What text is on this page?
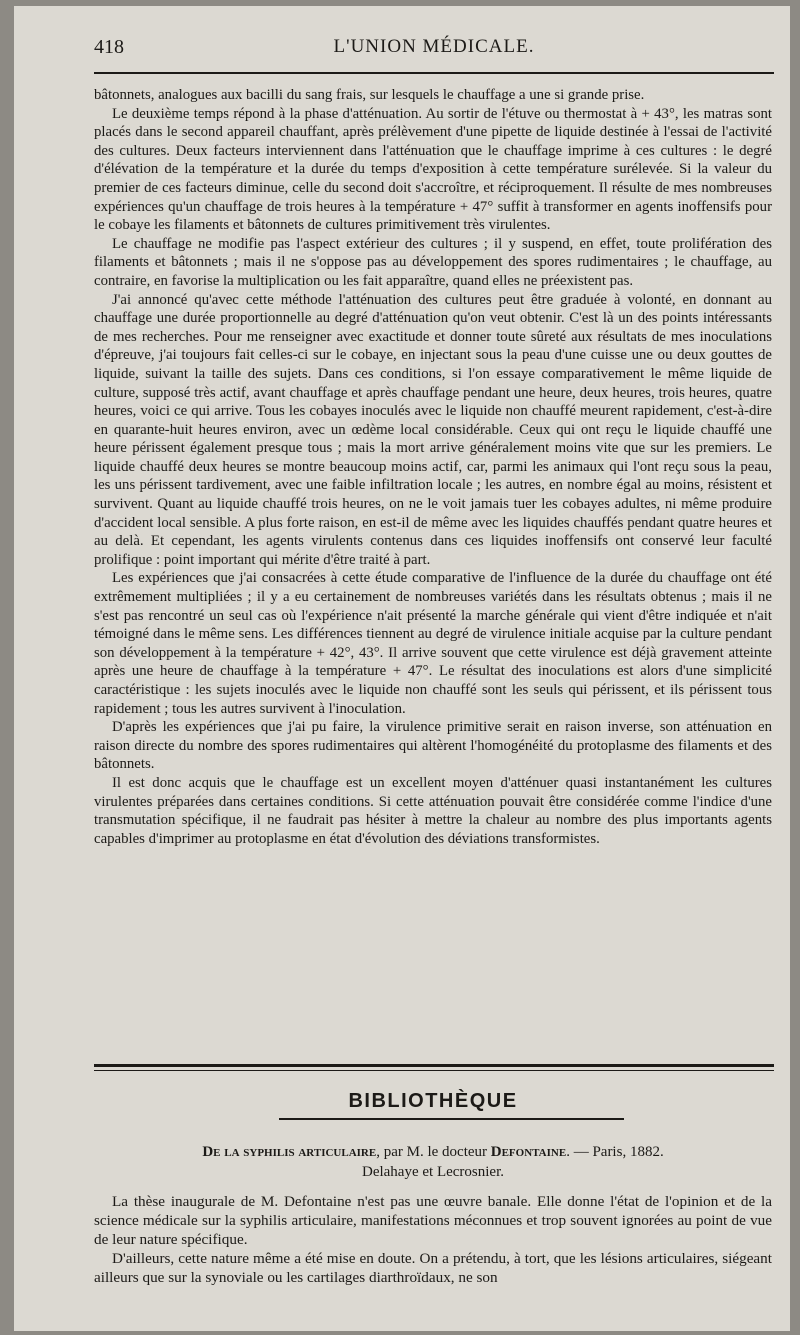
418	L'UNION MÉDICALE.

bâtonnets, analogues aux bacilli du sang frais, sur lesquels le chauffage a une si grande prise.

Le deuxième temps répond à la phase d'atténuation. Au sortir de l'étuve ou thermostat à + 43°, les matras sont placés dans le second appareil chauffant, après prélèvement d'une pipette de liquide destinée à l'essai de l'activité des cultures. Deux facteurs interviennent dans l'atténuation que le chauffage imprime à ces cultures : le degré d'élévation de la température et la durée du temps d'exposition à cette température surélevée. Si la valeur du premier de ces facteurs diminue, celle du second doit s'accroître, et réciproquement. Il résulte de mes nombreuses expériences qu'un chauffage de trois heures à la température + 47° suffit à transformer en agents inoffensifs pour le cobaye les filaments et bâtonnets de cultures primitivement très virulentes.

Le chauffage ne modifie pas l'aspect extérieur des cultures ; il y suspend, en effet, toute prolifération des filaments et bâtonnets ; mais il ne s'oppose pas au développement des spores rudimentaires ; le chauffage, au contraire, en favorise la multiplication ou les fait apparaître, quand elles ne préexistent pas.

J'ai annoncé qu'avec cette méthode l'atténuation des cultures peut être graduée à volonté, en donnant au chauffage une durée proportionnelle au degré d'atténuation qu'on veut obtenir. C'est là un des points intéressants de mes recherches. Pour me renseigner avec exactitude et donner toute sûreté aux résultats de mes inoculations d'épreuve, j'ai toujours fait celles-ci sur le cobaye, en injectant sous la peau d'une cuisse une ou deux gouttes de liquide, suivant la taille des sujets. Dans ces conditions, si l'on essaye comparativement le même liquide de culture, supposé très actif, avant chauffage et après chauffage pendant une heure, deux heures, trois heures, quatre heures, voici ce qui arrive. Tous les cobayes inoculés avec le liquide non chauffé meurent rapidement, c'est-à-dire en quarante-huit heures environ, avec un œdème local considérable. Ceux qui ont reçu le liquide chauffé une heure périssent également presque tous ; mais la mort arrive généralement moins vite que sur les premiers. Le liquide chauffé deux heures se montre beaucoup moins actif, car, parmi les animaux qui l'ont reçu sous la peau, les uns périssent tardivement, avec une faible infiltration locale ; les autres, en nombre égal au moins, résistent et survivent. Quant au liquide chauffé trois heures, on ne le voit jamais tuer les cobayes adultes, ni même produire d'accident local sensible. A plus forte raison, en est-il de même avec les liquides chauffés pendant quatre heures et au delà. Et cependant, les agents virulents contenus dans ces liquides inoffensifs ont conservé leur faculté prolifique : point important qui mérite d'être traité à part.

Les expériences que j'ai consacrées à cette étude comparative de l'influence de la durée du chauffage ont été extrêmement multipliées ; il y a eu certainement de nombreuses variétés dans les résultats obtenus ; mais il ne s'est pas rencontré un seul cas où l'expérience n'ait présenté la marche générale qui vient d'être indiquée et n'ait témoigné dans le même sens. Les différences tiennent au degré de virulence initiale acquise par la culture pendant son développement à la température + 42°, 43°. Il arrive souvent que cette virulence est déjà gravement atteinte après une heure de chauffage à la température + 47°. Le résultat des inoculations est alors d'une simplicité caractéristique : les sujets inoculés avec le liquide non chauffé sont les seuls qui périssent, et ils périssent tous rapidement ; tous les autres survivent à l'inoculation.

D'après les expériences que j'ai pu faire, la virulence primitive serait en raison inverse, son atténuation en raison directe du nombre des spores rudimentaires qui altèrent l'homogénéité du protoplasme des filaments et des bâtonnets.

Il est donc acquis que le chauffage est un excellent moyen d'atténuer quasi instantanément les cultures virulentes préparées dans certaines conditions. Si cette atténuation pouvait être considérée comme l'indice d'une transmutation spécifique, il ne faudrait pas hésiter à mettre la chaleur au nombre des plus importants agents capables d'imprimer au protoplasme en état d'évolution des déviations transformistes.

BIBLIOTHÈQUE
De la syphilis articulaire, par M. le docteur Defontaine. — Paris, 1882.
Delahaye et Lecrosnier.

La thèse inaugurale de M. Defontaine n'est pas une œuvre banale. Elle donne l'état de l'opinion et de la science médicale sur la syphilis articulaire, manifestations méconnues et trop souvent ignorées au point de vue de leur nature spécifique.

D'ailleurs, cette nature même a été mise en doute. On a prétendu, à tort, que les lésions articulaires, siégeant ailleurs que sur la synoviale ou les cartilages diarthroïdaux, ne son
